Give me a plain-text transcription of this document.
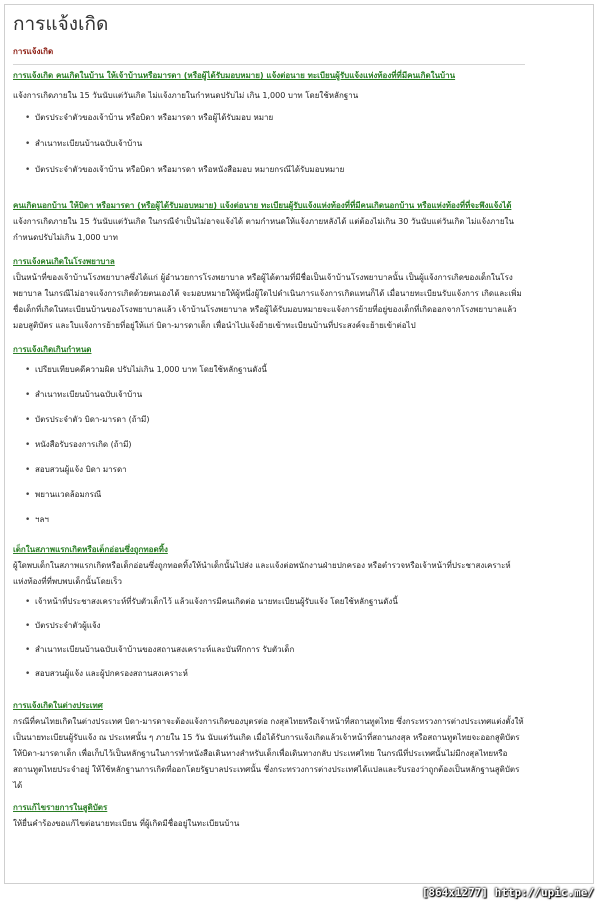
การแจ้งเกิด
การแจ้งเกิด
การแจ้งเกิด คนเกิดในบ้าน ให้เจ้าบ้านหรือมารดา (หรือผู้ได้รับมอบหมาย) แจ้งต่อนาย ทะเบียนผู้รับแจ้งแห่งท้องที่ที่มีคนเกิดในบ้าน

แจ้งการเกิดภายใน 15 วันนับแต่วันเกิด ไม่แจ้งภายในกำหนดปรับไม่ เกิน 1,000 บาท โดยใช้หลักฐาน

• บัตรประจำตัวของเจ้าบ้าน หรือบิดา หรือมารดา หรือผู้ได้รับมอบ หมาย
• สำเนาทะเบียนบ้านฉบับเจ้าบ้าน
• บัตรประจำตัวของเจ้าบ้าน หรือบิดา หรือมารดา หรือหนังสือมอบ หมายกรณีได้รับมอบหมาย
คนเกิดนอกบ้าน ให้บิดา หรือมารดา (หรือผู้ได้รับมอบหมาย) แจ้งต่อนาย ทะเบียนผู้รับแจ้งแห่งท้องที่ที่มีคนเกิดนอกบ้าน หรือแห่งท้องที่ที่จะพึงแจ้งได้

แจ้งการเกิดภายใน 15 วันนับแต่วันเกิด ในกรณีจำเป็นไม่อาจแจ้งได้ ตามกำหนดให้แจ้งภายหลังได้ แต่ต้องไม่เกิน 30 วันนับแต่วันเกิด ไม่แจ้งภายในกำหนดปรับไม่เกิน 1,000 บาท

การแจ้งคนเกิดในโรงพยาบาล

เป็นหน้าที่ของเจ้าบ้านโรงพยาบาลซึ่งได้แก่ ผู้อำนวยการโรงพยาบาล หรือผู้ได้ตามที่มีชื่อเป็นเจ้าบ้านโรงพยาบาลนั้น เป็นผู้แจ้งการเกิดของเด็กในโรงพยาบาล ในกรณีไม่อาจแจ้งการเกิดด้วยตนเองได้ จะมอบหมายให้ผู้หนึ่งผู้ใดไปดำเนินการแจ้งการเกิดแทนก็ได้ เมื่อนายทะเบียนรับแจ้งการ เกิดและเพิ่มชื่อเด็กที่เกิดในทะเบียนบ้านของโรงพยาบาลแล้ว เจ้าบ้านโรงพยาบาล หรือผู้ได้รับมอบหมายจะแจ้งการย้ายที่อยู่ของเด็กที่เกิดออกจากโรงพยาบาลแล้วมอบสูติบัตร และใบแจ้งการย้ายที่อยู่ให้แก่ บิดา-มารดาเด็ก เพื่อนำไปแจ้งย้ายเข้าทะเบียนบ้านที่ประสงค์จะย้ายเข้าต่อไป

การแจ้งเกิดเกินกำหนด
• เปรียบเทียบคดีความผิด ปรับไม่เกิน 1,000 บาท โดยใช้หลักฐานดังนี้
• สำเนาทะเบียนบ้านฉบับเจ้าบ้าน
• บัตรประจำตัว บิดา-มารดา (ถ้ามี)
• หนังสือรับรองการเกิด (ถ้ามี)
• สอบสวนผู้แจ้ง บิดา มารดา
• พยานแวดล้อมกรณี
• ฯลฯ
เด็กในสภาพแรกเกิดหรือเด็กอ่อนซึ่งถูกทอดทิ้ง

ผู้ใดพบเด็กในสภาพแรกเกิดหรือเด็กอ่อนซึ่งถูกทอดทิ้งให้นำเด็กนั้นไปส่ง และแจ้งต่อพนักงานฝ่ายปกครอง หรือตำรวจหรือเจ้าหน้าที่ประชาสงเคราะห์แห่งท้องที่ที่พบพบเด็กนั้นโดยเร็ว

• เจ้าหน้าที่ประชาสงเคราะห์ที่รับตัวเด็กไว้ แล้วแจ้งการมีคนเกิดต่อ นายทะเบียนผู้รับแจ้ง โดยใช้หลักฐานดังนี้
• บัตรประจำตัวผู้แจ้ง
• สำเนาทะเบียนบ้านฉบับเจ้าบ้านของสถานสงเคราะห์และบันทึกการ รับตัวเด็ก
• สอบสวนผู้แจ้ง และผู้ปกครองสถานสงเคราะห์
การแจ้งเกิดในต่างประเทศ

กรณีที่คนไทยเกิดในต่างประเทศ บิดา-มารดาจะต้องแจ้งการเกิดของบุตรต่อ กงสุลไทยหรือเจ้าหน้าที่สถานทูตไทย ซึ่งกระทรวงการต่างประเทศแต่งตั้งให้เป็นนายทะเบียนผู้รับแจ้ง ณ ประเทศนั้น ๆ ภายใน 15 วัน นับแต่วันเกิด เมื่อได้รับการแจ้งเกิดแล้วเจ้าหน้าที่สถานกงสุล หรือสถานทูตไทยจะออกสูติบัตรให้บิดา-มารดาเด็ก เพื่อเก็บไว้เป็นหลักฐานในการทำหนังสือเดินทางสำหรับเด็กเพื่อเดินทางกลับ ประเทศไทย ในกรณีที่ประเทศนั้นไม่มีกงสุลไทยหรือสถานทูตไทยประจำอยู่ ให้ใช้หลักฐานการเกิดที่ออกโดยรัฐบาลประเทศนั้น ซึ่งกระทรวงการต่างประเทศได้แปลและรับรองว่าถูกต้องเป็นหลักฐานสูติบัตรได้

การแก้ไขรายการในสูติบัตร

ให้ยื่นคำร้องขอแก้ไขต่อนายทะเบียน ที่ผู้เกิดมีชื่ออยู่ในทะเบียนบ้าน

[864x1277] http://upic.me/
